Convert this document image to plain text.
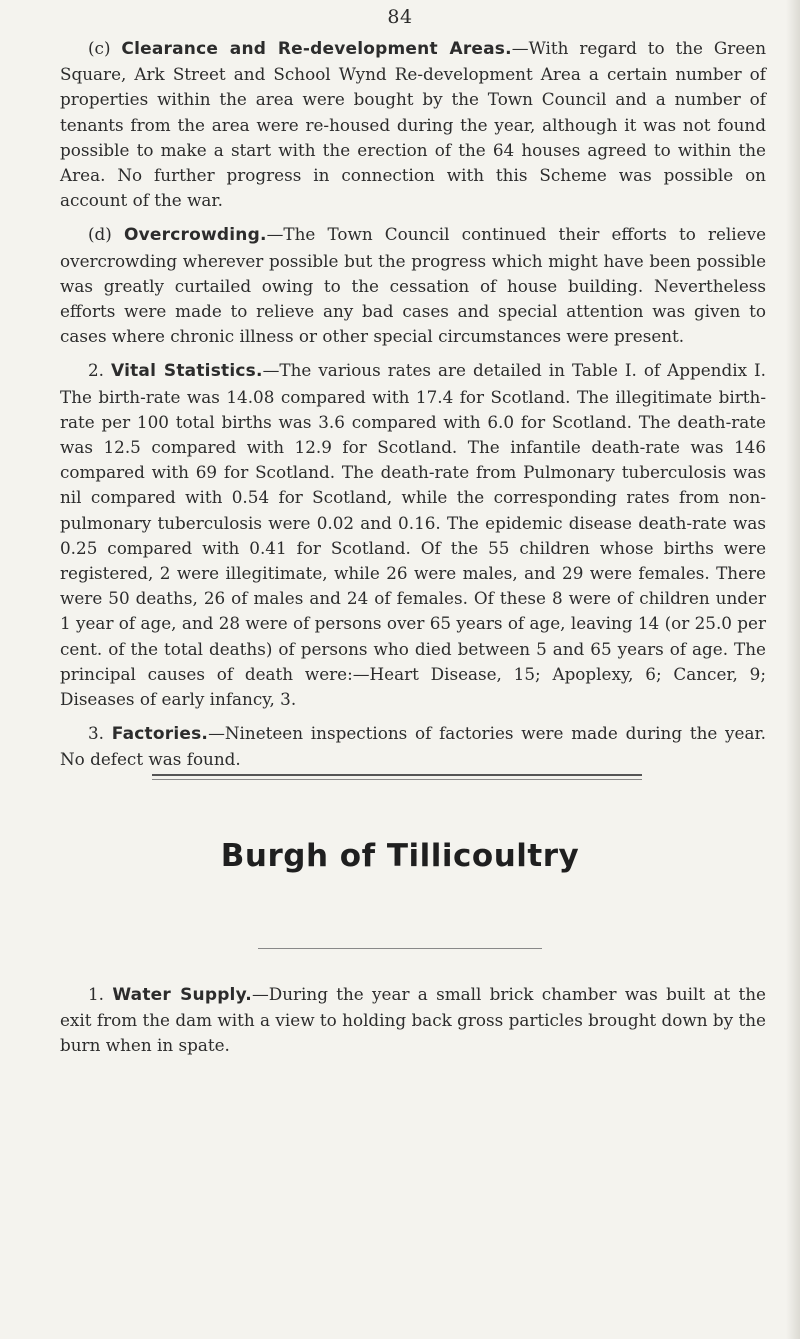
84

(c) Clearance and Re-development Areas.—With regard to the Green Square, Ark Street and School Wynd Re-development Area a certain number of properties within the area were bought by the Town Council and a number of tenants from the area were re-housed during the year, although it was not found possible to make a start with the erection of the 64 houses agreed to within the Area. No further progress in connection with this Scheme was possible on account of the war.

(d) Overcrowding.—The Town Council continued their efforts to relieve overcrowding wherever possible but the progress which might have been possible was greatly curtailed owing to the cessation of house building. Nevertheless efforts were made to relieve any bad cases and special attention was given to cases where chronic illness or other special circumstances were present.

2. Vital Statistics.—The various rates are detailed in Table I. of Appendix I. The birth-rate was 14.08 compared with 17.4 for Scotland. The illegitimate birth-rate per 100 total births was 3.6 compared with 6.0 for Scotland. The death-rate was 12.5 compared with 12.9 for Scotland. The infantile death-rate was 146 compared with 69 for Scotland. The death-rate from Pulmonary tuberculosis was nil compared with 0.54 for Scotland, while the corresponding rates from non-pulmonary tuberculosis were 0.02 and 0.16. The epidemic disease death-rate was 0.25 compared with 0.41 for Scotland. Of the 55 children whose births were registered, 2 were illegitimate, while 26 were males, and 29 were females. There were 50 deaths, 26 of males and 24 of females. Of these 8 were of children under 1 year of age, and 28 were of persons over 65 years of age, leaving 14 (or 25.0 per cent. of the total deaths) of persons who died between 5 and 65 years of age. The principal causes of death were:—Heart Disease, 15; Apoplexy, 6; Cancer, 9; Diseases of early infancy, 3.

3. Factories.—Nineteen inspections of factories were made during the year. No defect was found.

Burgh of Tillicoultry

1. Water Supply.—During the year a small brick chamber was built at the exit from the dam with a view to holding back gross particles brought down by the burn when in spate.
